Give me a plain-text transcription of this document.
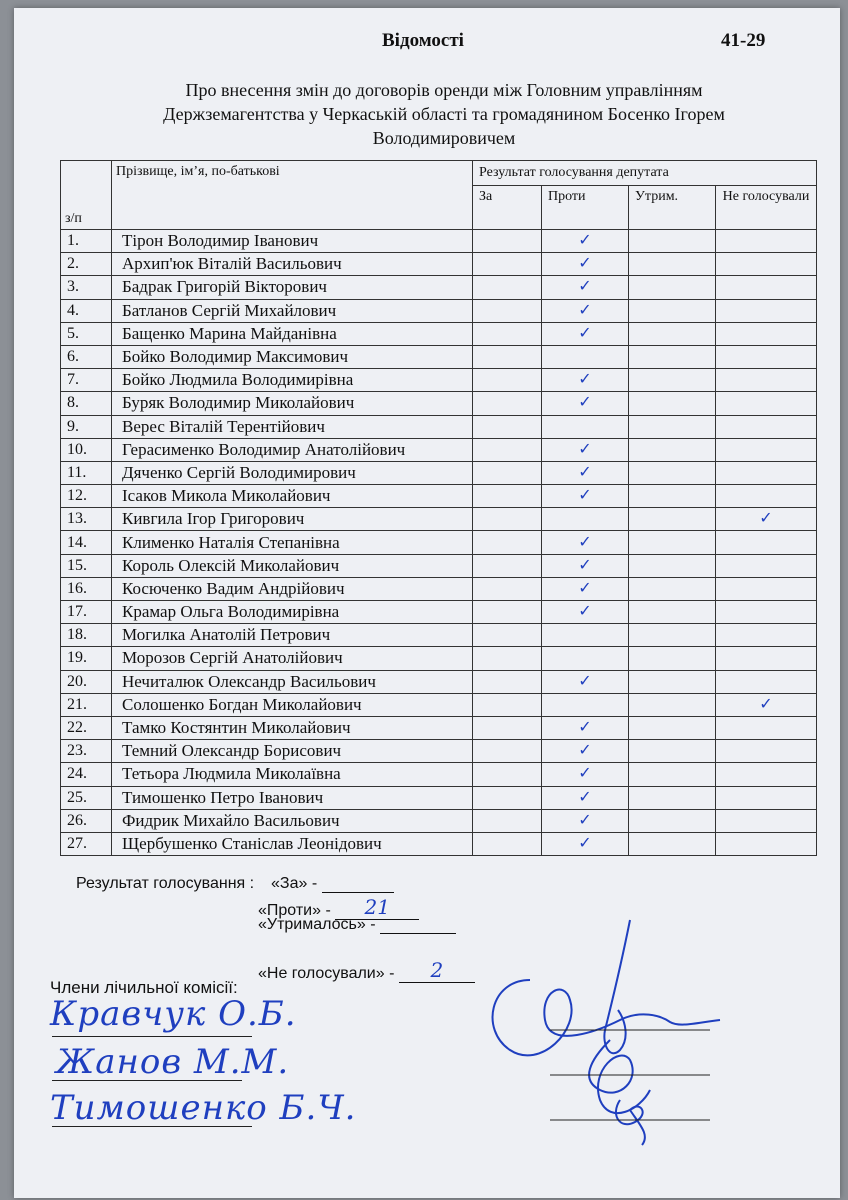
Відомості	41-29
Про внесення змін до договорів оренди між Головним управлінням Держземагентства у Черкаській області та громадянином Босенко Ігорем Володимировичем
з/п	Прізвище, ім’я, по-батькові	Результат голосування депутата			
		За	Проти	Утрим.	Не голосували
1.	Тірон Володимир Іванович		✓		
2.	Архип'юк Віталій Васильович		✓		
3.	Бадрак Григорій Вікторович		✓		
4.	Батланов Сергій Михайлович		✓		
5.	Бащенко Марина Майданівна		✓		
6.	Бойко Володимир Максимович				
7.	Бойко Людмила Володимирівна		✓		
8.	Буряк Володимир Миколайович		✓		
9.	Верес Віталій Терентійович				
10.	Герасименко Володимир Анатолійович		✓		
11.	Дяченко Сергій Володимирович		✓		
12.	Ісаков Микола Миколайович		✓		
13.	Кивгила Ігор Григорович				✓
14.	Клименко Наталія Степанівна		✓		
15.	Король Олексій Миколайович		✓		
16.	Косюченко Вадим Андрійович		✓		
17.	Крамар Ольга Володимирівна		✓		
18.	Могилка Анатолій Петрович				
19.	Морозов Сергій Анатолійович				
20.	Нечиталюк Олександр Васильович		✓		
21.	Солошенко Богдан Миколайович				✓
22.	Тамко Костянтин Миколайович		✓		
23.	Темний Олександр Борисович		✓		
24.	Тетьора Людмила Миколаївна		✓		
25.	Тимошенко Петро Іванович		✓		
26.	Фидрик Михайло Васильович		✓		
27.	Щербушенко Станіслав Леонідович		✓		
Результат голосування : «За» -
«Проти» - 21
«Утрималось» -
«Не голосували» - 2
Члени лічильної комісії:
Кравчук О.Б.
Жанов М.М.
Тимошенко Б.Ч.
